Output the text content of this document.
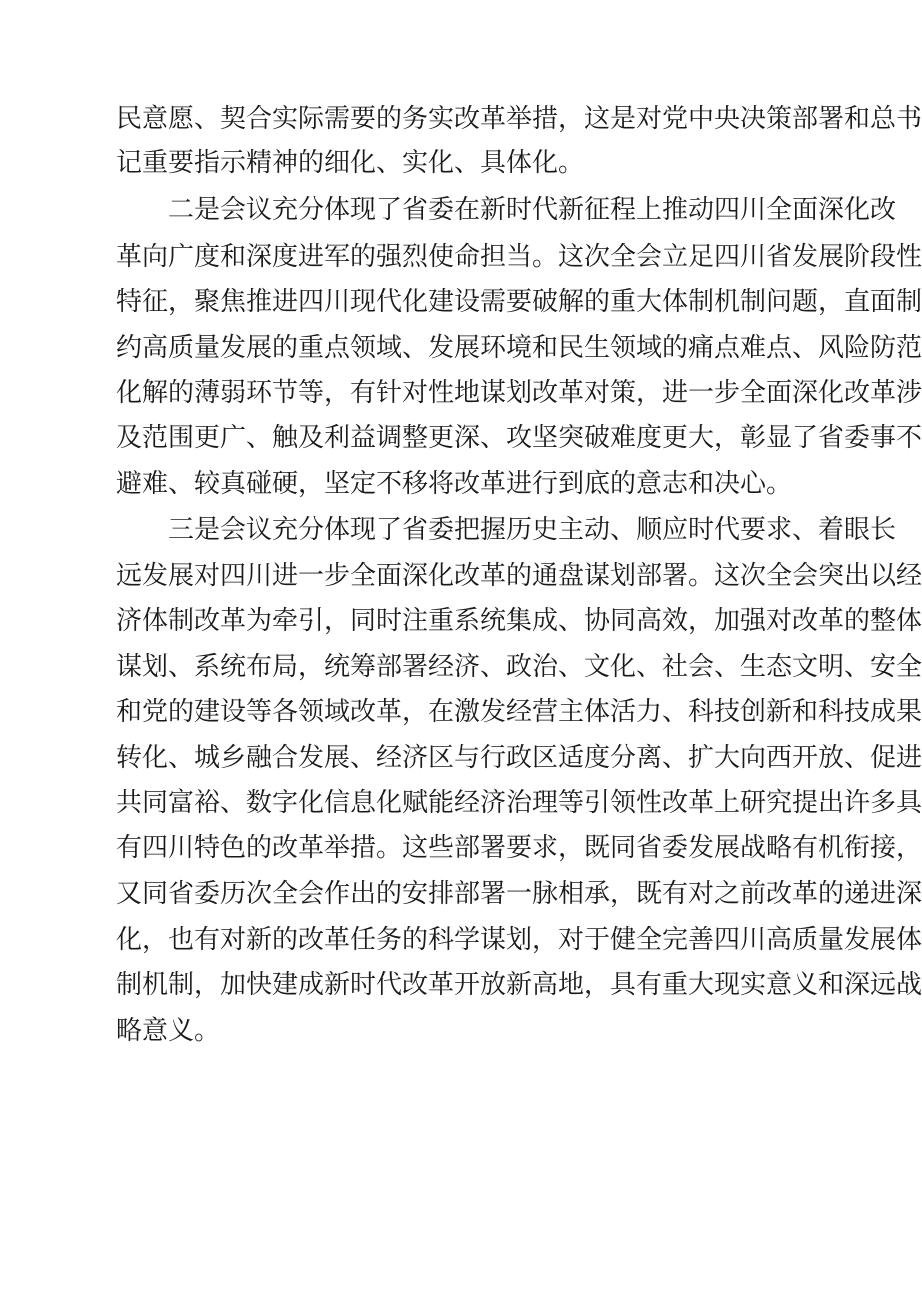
民意愿、契合实际需要的务实改革举措，这是对党中央决策部署和总书
记重要指示精神的细化、实化、具体化。
二是会议充分体现了省委在新时代新征程上推动四川全面深化改
革向广度和深度进军的强烈使命担当。这次全会立足四川省发展阶段性
特征，聚焦推进四川现代化建设需要破解的重大体制机制问题，直面制
约高质量发展的重点领域、发展环境和民生领域的痛点难点、风险防范
化解的薄弱环节等，有针对性地谋划改革对策，进一步全面深化改革涉
及范围更广、触及利益调整更深、攻坚突破难度更大，彰显了省委事不
避难、较真碰硬，坚定不移将改革进行到底的意志和决心。
三是会议充分体现了省委把握历史主动、顺应时代要求、着眼长
远发展对四川进一步全面深化改革的通盘谋划部署。这次全会突出以经
济体制改革为牵引，同时注重系统集成、协同高效，加强对改革的整体
谋划、系统布局，统筹部署经济、政治、文化、社会、生态文明、安全
和党的建设等各领域改革，在激发经营主体活力、科技创新和科技成果
转化、城乡融合发展、经济区与行政区适度分离、扩大向西开放、促进
共同富裕、数字化信息化赋能经济治理等引领性改革上研究提出许多具
有四川特色的改革举措。这些部署要求，既同省委发展战略有机衔接，
又同省委历次全会作出的安排部署一脉相承，既有对之前改革的递进深
化，也有对新的改革任务的科学谋划，对于健全完善四川高质量发展体
制机制，加快建成新时代改革开放新高地，具有重大现实意义和深远战
略意义。
